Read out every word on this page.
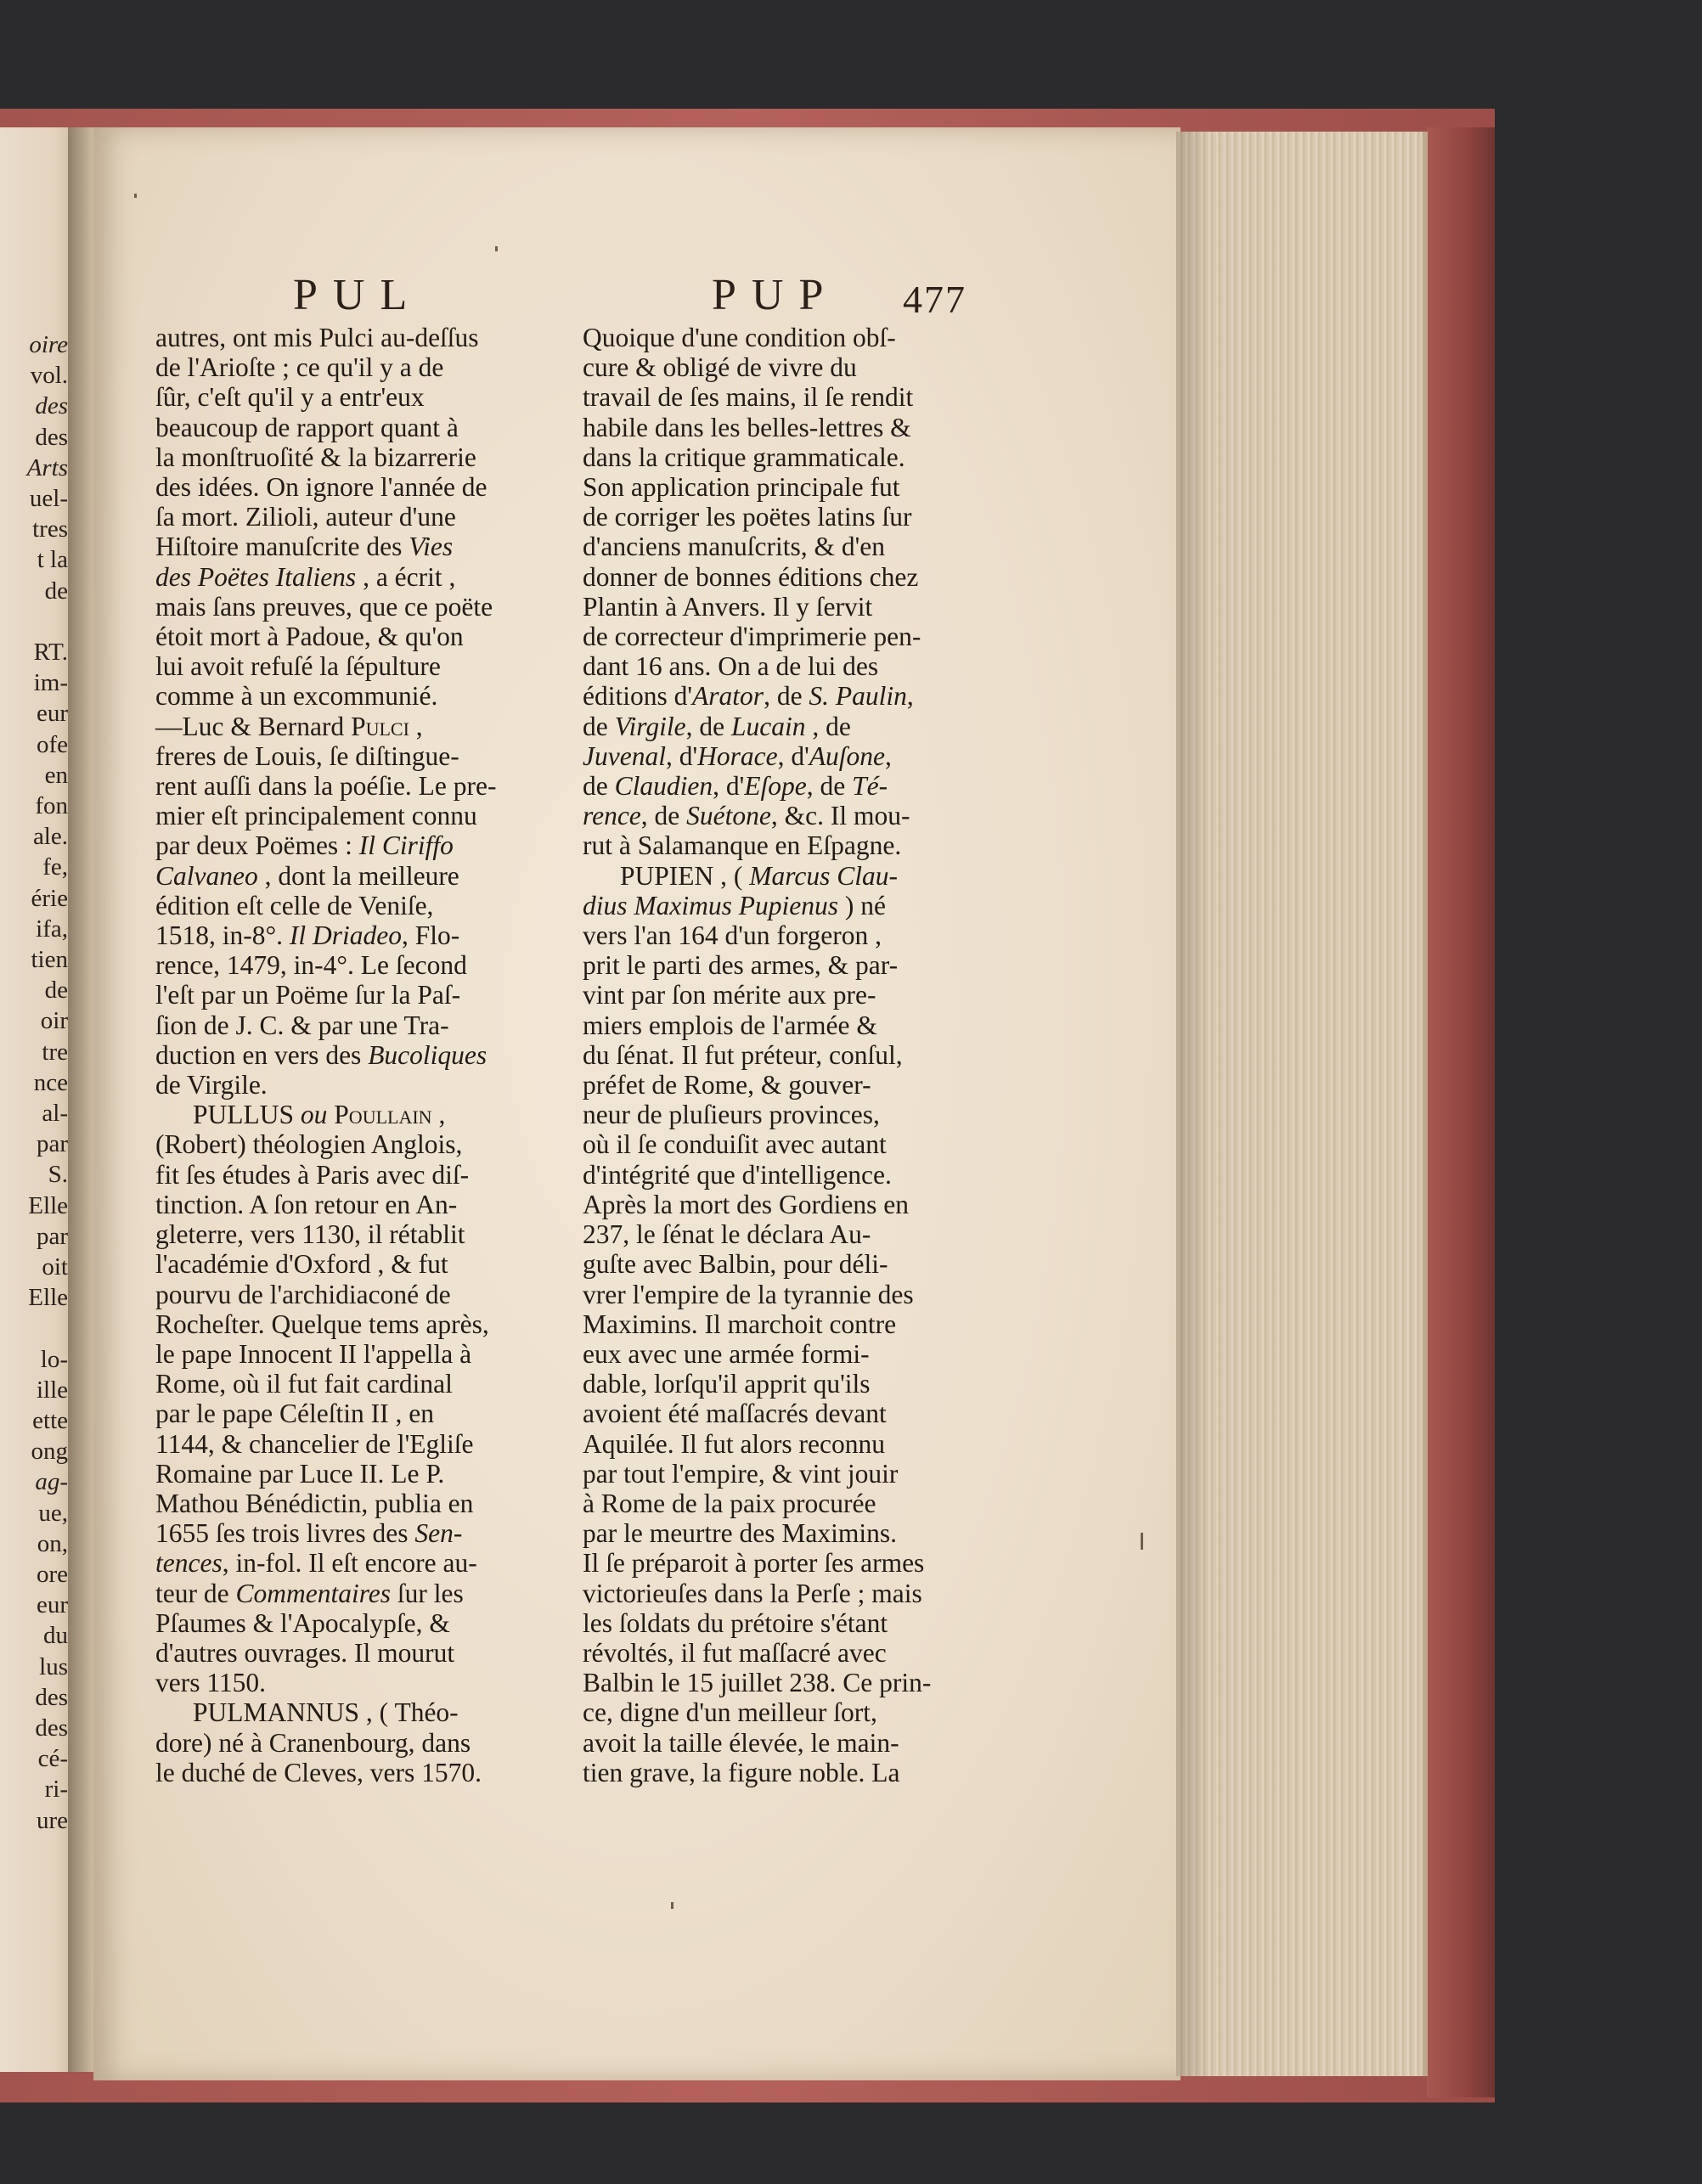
oire
vol.
des
des
Arts
uel-
tres
t la
de
RT.
im-
eur
ofe
en
fon
ale.
fe,
érie
ifa,
tien
de
oir
tre
nce
al-
par
S.
Elle
par
oit
Elle
lo-
ille
ette
ong
ag-
ue,
on,
ore
eur
du
lus
des
des
cé-
ri-
ure
PUL	PUP 477
autres, ont mis Pulci au-deſſus
de l'Arioſte ; ce qu'il y a de
ſûr, c'eſt qu'il y a entr'eux
beaucoup de rapport quant à
la monſtruoſité & la bizarrerie
des idées. On ignore l'année de
ſa mort. Zilioli, auteur d'une
Hiſtoire manuſcrite des Vies
des Poëtes Italiens , a écrit ,
mais ſans preuves, que ce poëte
étoit mort à Padoue, & qu'on
lui avoit refuſé la ſépulture
comme à un excommunié.
—Luc & Bernard Pulci ,
freres de Louis, ſe diſtingue-
rent auſſi dans la poéſie. Le pre-
mier eſt principalement connu
par deux Poëmes : Il Ciriffo
Calvaneo , dont la meilleure
édition eſt celle de Veniſe,
1518, in-8°. Il Driadeo, Flo-
rence, 1479, in-4°. Le ſecond
l'eſt par un Poëme ſur la Paſ-
ſion de J. C. & par une Tra-
duction en vers des Bucoliques
de Virgile.
PULLUS ou Poullain ,
(Robert) théologien Anglois,
fit ſes études à Paris avec diſ-
tinction. A ſon retour en An-
gleterre, vers 1130, il rétablit
l'académie d'Oxford , & fut
pourvu de l'archidiaconé de
Rocheſter. Quelque tems après,
le pape Innocent II l'appella à
Rome, où il fut fait cardinal
par le pape Céleſtin II , en
1144, & chancelier de l'Egliſe
Romaine par Luce II. Le P.
Mathou Bénédictin, publia en
1655 ſes trois livres des Sen-
tences, in-fol. Il eſt encore au-
teur de Commentaires ſur les
Pſaumes & l'Apocalypſe, &
d'autres ouvrages. Il mourut
vers 1150.
PULMANNUS , ( Théo-
dore) né à Cranenbourg, dans
le duché de Cleves, vers 1570.
Quoique d'une condition obſ-
cure & obligé de vivre du
travail de ſes mains, il ſe rendit
habile dans les belles-lettres &
dans la critique grammaticale.
Son application principale fut
de corriger les poëtes latins ſur
d'anciens manuſcrits, & d'en
donner de bonnes éditions chez
Plantin à Anvers. Il y ſervit
de correcteur d'imprimerie pen-
dant 16 ans. On a de lui des
éditions d'Arator, de S. Paulin,
de Virgile, de Lucain , de
Juvenal, d'Horace, d'Auſone,
de Claudien, d'Eſope, de Té-
rence, de Suétone, &c. Il mou-
rut à Salamanque en Eſpagne.
PUPIEN , ( Marcus Clau-
dius Maximus Pupienus ) né
vers l'an 164 d'un forgeron ,
prit le parti des armes, & par-
vint par ſon mérite aux pre-
miers emplois de l'armée &
du ſénat. Il fut préteur, conſul,
préfet de Rome, & gouver-
neur de pluſieurs provinces,
où il ſe conduiſit avec autant
d'intégrité que d'intelligence.
Après la mort des Gordiens en
237, le ſénat le déclara Au-
guſte avec Balbin, pour déli-
vrer l'empire de la tyrannie des
Maximins. Il marchoit contre
eux avec une armée formi-
dable, lorſqu'il apprit qu'ils
avoient été maſſacrés devant
Aquilée. Il fut alors reconnu
par tout l'empire, & vint jouir
à Rome de la paix procurée
par le meurtre des Maximins.
Il ſe préparoit à porter ſes armes
victorieuſes dans la Perſe ; mais
les ſoldats du prétoire s'étant
révoltés, il fut maſſacré avec
Balbin le 15 juillet 238. Ce prin-
ce, digne d'un meilleur ſort,
avoit la taille élevée, le main-
tien grave, la figure noble. La
